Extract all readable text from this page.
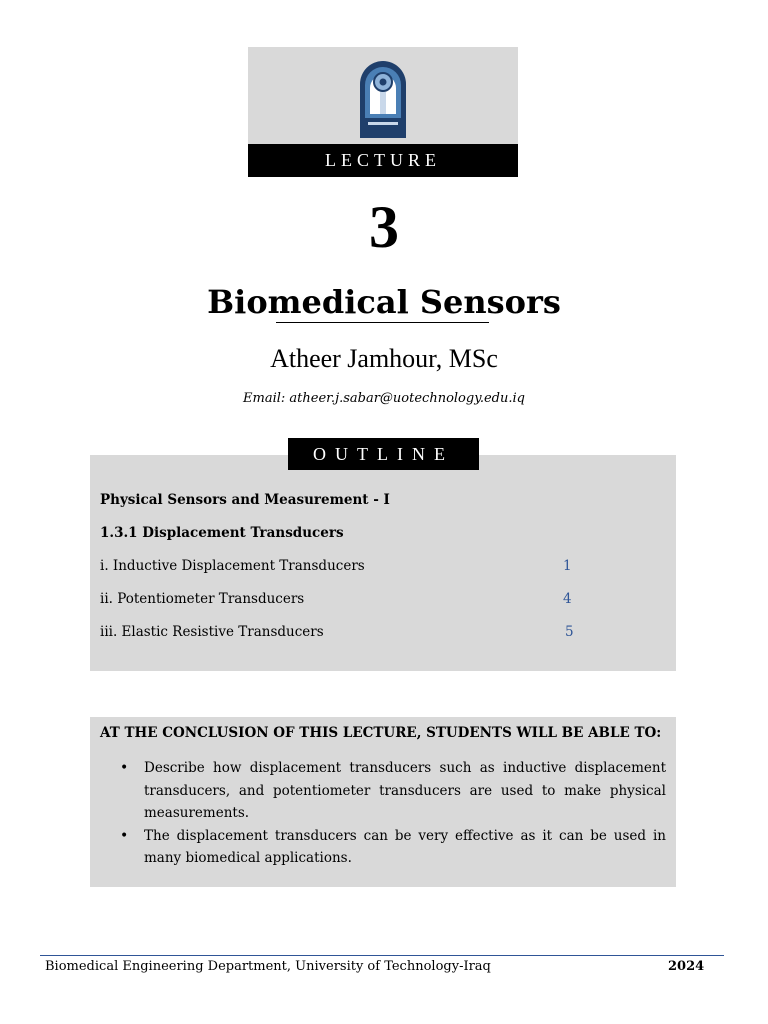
LECTURE
3
Biomedical Sensors
Atheer Jamhour, MSc
Email: atheer.j.sabar@uotechnology.edu.iq
Physical Sensors and Measurement - I
1.3.1 Displacement Transducers
i. Inductive Displacement Transducers	1
ii. Potentiometer Transducers	4
iii. Elastic Resistive Transducers	5
OUTLINE
AT THE CONCLUSION OF THIS LECTURE, STUDENTS WILL BE ABLE TO:
• Describe how displacement transducers such as inductive displacement transducers, and potentiometer transducers are used to make physical measurements.
• The displacement transducers can be very effective as it can be used in many biomedical applications.
Biomedical Engineering Department, University of Technology-Iraq	2024
